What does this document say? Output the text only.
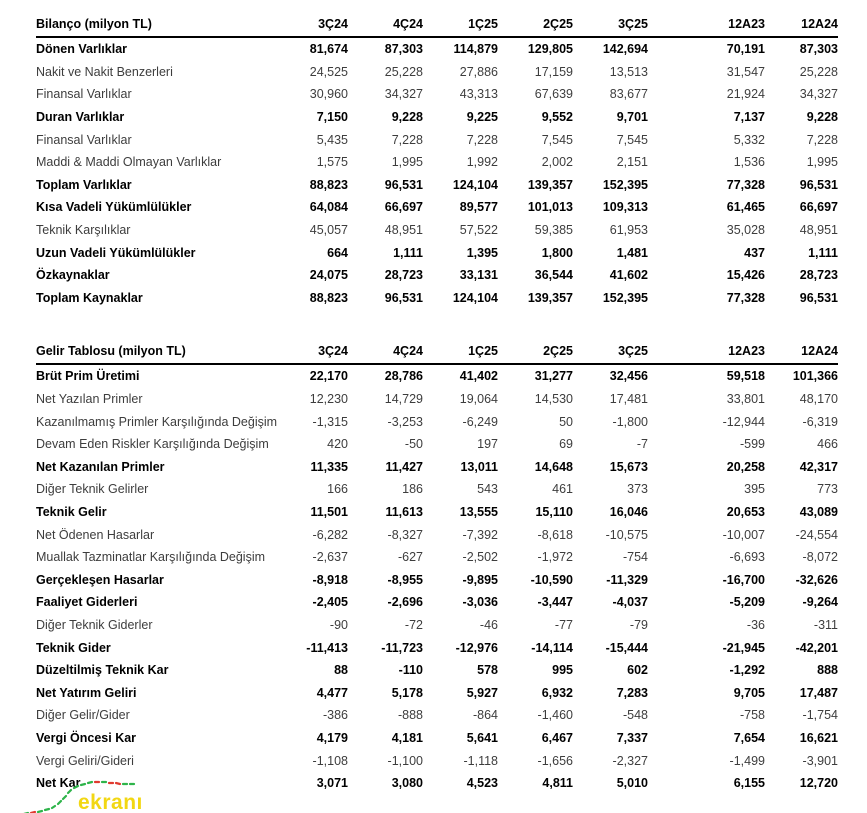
Bilanço (milyon TL)	3Ç24	4Ç24	1Ç25	2Ç25	3Ç25	12A23	12A24
Dönen Varlıklar	81,674	87,303	114,879	129,805	142,694	70,191	87,303
Nakit ve Nakit Benzerleri	24,525	25,228	27,886	17,159	13,513	31,547	25,228
Finansal Varlıklar	30,960	34,327	43,313	67,639	83,677	21,924	34,327
Duran Varlıklar	7,150	9,228	9,225	9,552	9,701	7,137	9,228
Finansal Varlıklar	5,435	7,228	7,228	7,545	7,545	5,332	7,228
Maddi & Maddi Olmayan Varlıklar	1,575	1,995	1,992	2,002	2,151	1,536	1,995
Toplam Varlıklar	88,823	96,531	124,104	139,357	152,395	77,328	96,531
Kısa Vadeli Yükümlülükler	64,084	66,697	89,577	101,013	109,313	61,465	66,697
Teknik Karşılıklar	45,057	48,951	57,522	59,385	61,953	35,028	48,951
Uzun Vadeli Yükümlülükler	664	1,111	1,395	1,800	1,481	437	1,111
Özkaynaklar	24,075	28,723	33,131	36,544	41,602	15,426	28,723
Toplam Kaynaklar	88,823	96,531	124,104	139,357	152,395	77,328	96,531
Gelir Tablosu (milyon TL)	3Ç24	4Ç24	1Ç25	2Ç25	3Ç25	12A23	12A24
Brüt Prim Üretimi	22,170	28,786	41,402	31,277	32,456	59,518	101,366
Net Yazılan Primler	12,230	14,729	19,064	14,530	17,481	33,801	48,170
Kazanılmamış Primler Karşılığında Değişim	-1,315	-3,253	-6,249	50	-1,800	-12,944	-6,319
Devam Eden Riskler Karşılığında Değişim	420	-50	197	69	-7	-599	466
Net Kazanılan Primler	11,335	11,427	13,011	14,648	15,673	20,258	42,317
Diğer Teknik Gelirler	166	186	543	461	373	395	773
Teknik Gelir	11,501	11,613	13,555	15,110	16,046	20,653	43,089
Net Ödenen Hasarlar	-6,282	-8,327	-7,392	-8,618	-10,575	-10,007	-24,554
Muallak Tazminatlar Karşılığında Değişim	-2,637	-627	-2,502	-1,972	-754	-6,693	-8,072
Gerçekleşen Hasarlar	-8,918	-8,955	-9,895	-10,590	-11,329	-16,700	-32,626
Faaliyet Giderleri	-2,405	-2,696	-3,036	-3,447	-4,037	-5,209	-9,264
Diğer Teknik Giderler	-90	-72	-46	-77	-79	-36	-311
Teknik Gider	-11,413	-11,723	-12,976	-14,114	-15,444	-21,945	-42,201
Düzeltilmiş Teknik Kar	88	-110	578	995	602	-1,292	888
Net Yatırım Geliri	4,477	5,178	5,927	6,932	7,283	9,705	17,487
Diğer Gelir/Gider	-386	-888	-864	-1,460	-548	-758	-1,754
Vergi Öncesi Kar	4,179	4,181	5,641	6,467	7,337	7,654	16,621
Vergi Geliri/Gideri	-1,108	-1,100	-1,118	-1,656	-2,327	-1,499	-3,901
Net Kar	3,071	3,080	4,523	4,811	5,010	6,155	12,720
ekranı
